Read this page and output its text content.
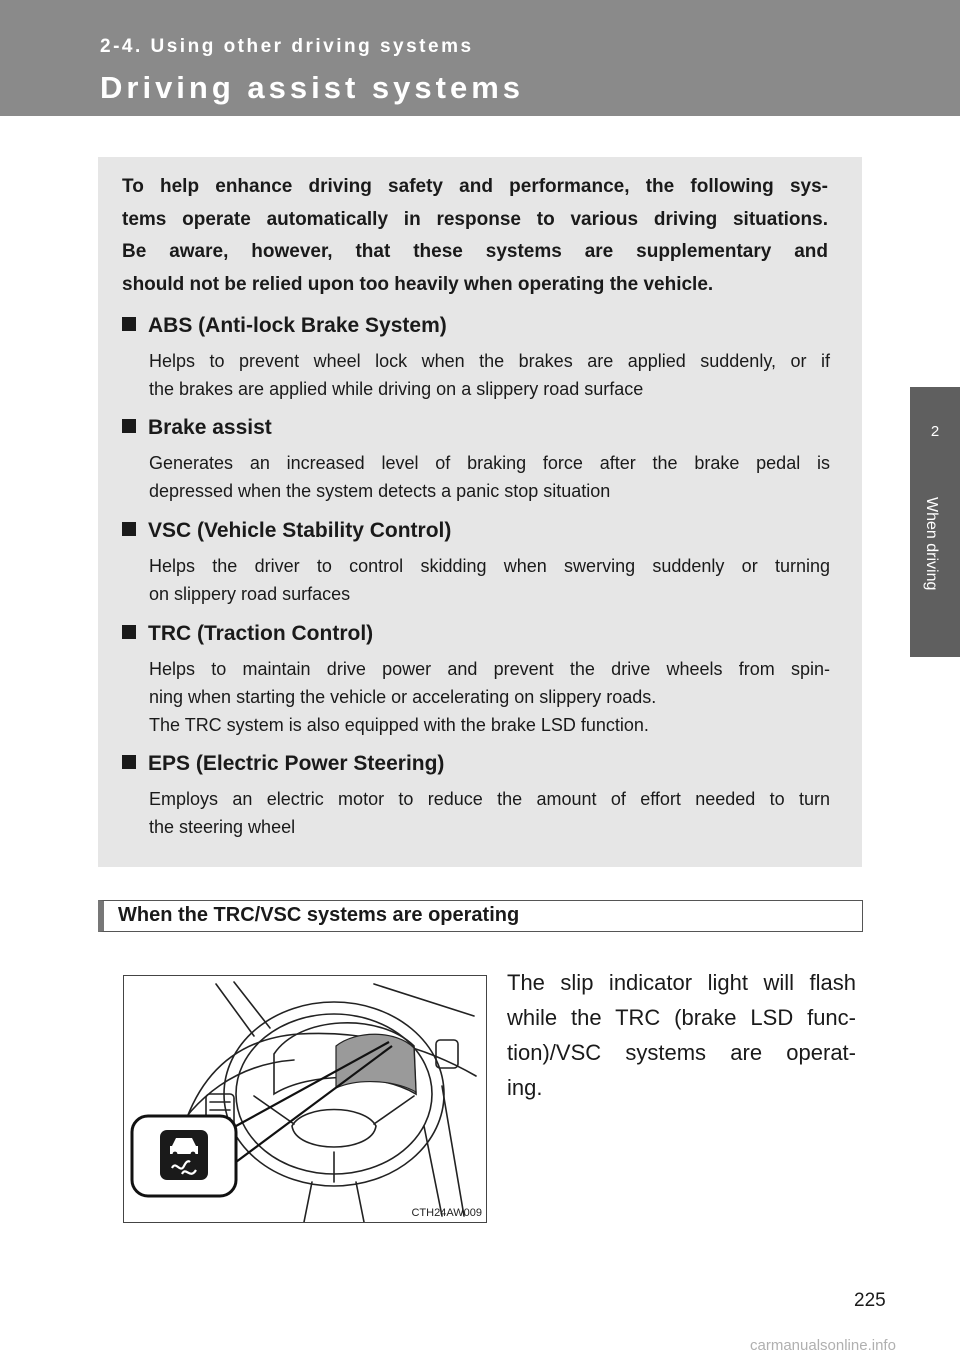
2-4. Using other driving systems
Driving assist systems
2
When driving

To help enhance driving safety and performance, the following sys-
tems operate automatically in response to various driving situations.
Be aware, however, that these systems are supplementary and
should not be relied upon too heavily when operating the vehicle.

ABS (Anti-lock Brake System)
Helps to prevent wheel lock when the brakes are applied suddenly, or if
the brakes are applied while driving on a slippery road surface
Brake assist
Generates an increased level of braking force after the brake pedal is
depressed when the system detects a panic stop situation
VSC (Vehicle Stability Control)
Helps the driver to control skidding when swerving suddenly or turning
on slippery road surfaces
TRC (Traction Control)
Helps to maintain drive power and prevent the drive wheels from spin-
ning when starting the vehicle or accelerating on slippery roads.
The TRC system is also equipped with the brake LSD function.
EPS (Electric Power Steering)
Employs an electric motor to reduce the amount of effort needed to turn
the steering wheel
When the TRC/VSC systems are operating
CTH24AW009

The slip indicator light will flash
while the TRC (brake LSD func-
tion)/VSC systems are operat-
ing.

225
carmanualsonline.info
